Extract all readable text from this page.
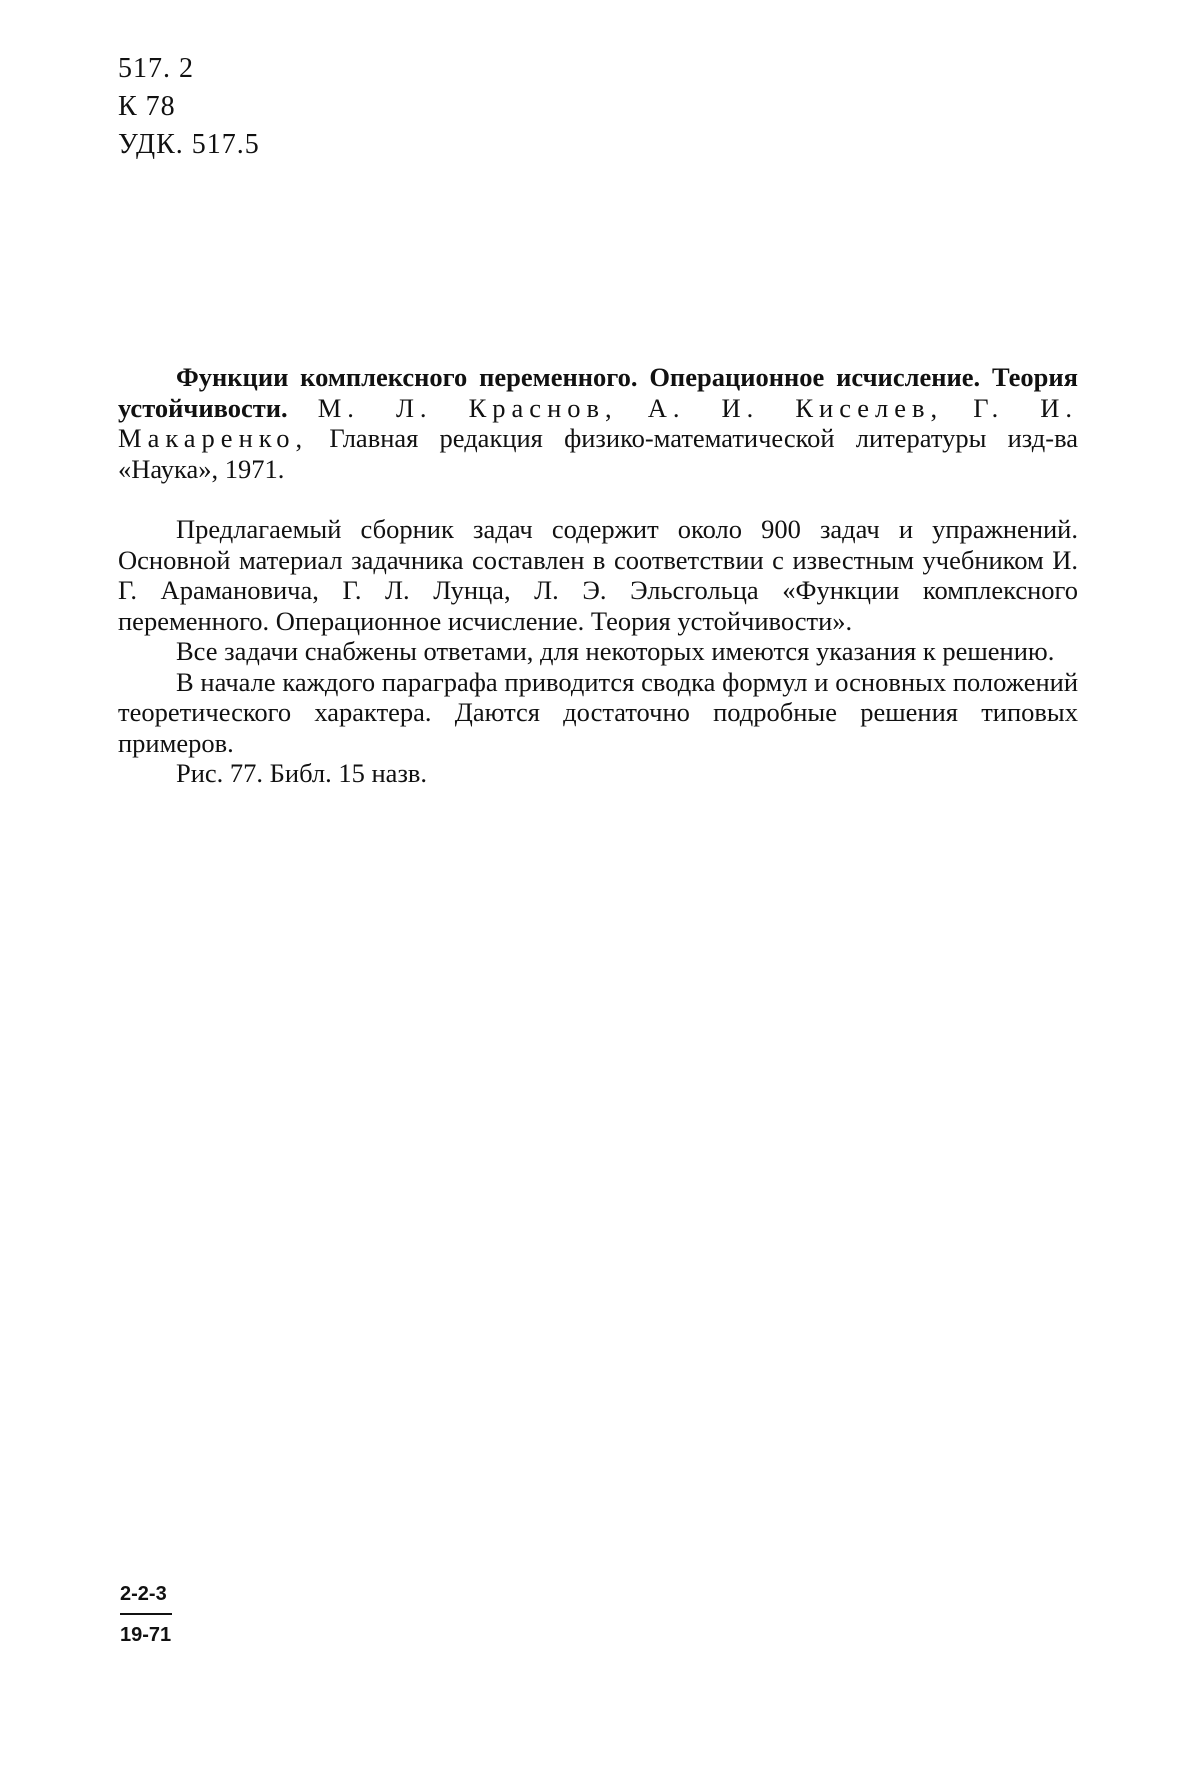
517. 2
К 78
УДК. 517.5

Функции комплексного переменного. Операционное исчисление. Теория устойчивости. М. Л. Краснов, А. И. Киселев, Г. И. Макаренко, Главная редакция физико-математической литературы изд-ва «Наука», 1971.

Предлагаемый сборник задач содержит около 900 задач и упражнений. Основной материал задачника составлен в соответствии с известным учебником И. Г. Арамановича, Г. Л. Лунца, Л. Э. Эльсгольца «Функции комплексного переменного. Операционное исчисление. Теория устойчивости».

Все задачи снабжены ответами, для некоторых имеются указания к решению.

В начале каждого параграфа приводится сводка формул и основных положений теоретического характера. Даются достаточно подробные решения типовых примеров.

Рис. 77. Библ. 15 назв.

2-2-3
19-71
